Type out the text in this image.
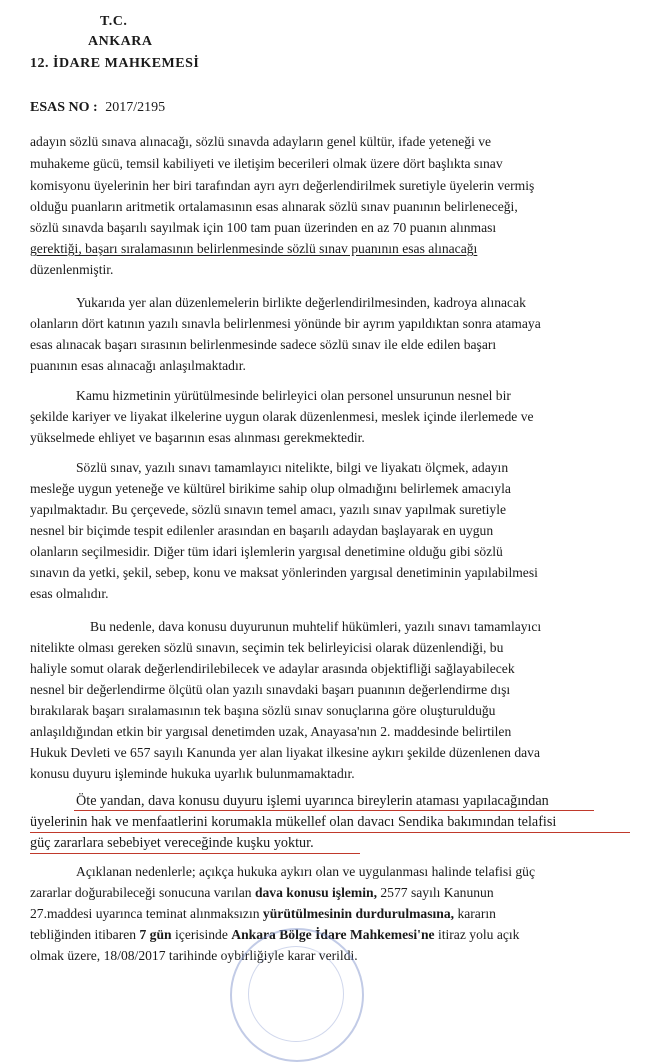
T.C.
ANKARA
12. İDARE MAHKEMESİ
ESAS NO : 2017/2195
adayın sözlü sınava alınacağı, sözlü sınavda adayların genel kültür, ifade yeteneği ve
muhakeme gücü, temsil kabiliyeti ve iletişim becerileri olmak üzere dört başlıkta sınav
komisyonu üyelerinin her biri tarafından ayrı ayrı değerlendirilmek suretiyle üyelerin vermiş
olduğu puanların aritmetik ortalamasının esas alınarak sözlü sınav puanının belirleneceği,
sözlü sınavda başarılı sayılmak için 100 tam puan üzerinden en az 70 puanın alınması
gerektiği, başarı sıralamasının belirlenmesinde sözlü sınav puanının esas alınacağı
düzenlenmiştir.
Yukarıda yer alan düzenlemelerin birlikte değerlendirilmesinden, kadroya alınacak
olanların dört katının yazılı sınavla belirlenmesi yönünde bir ayrım yapıldıktan sonra atamaya
esas alınacak başarı sırasının belirlenmesinde sadece sözlü sınav ile elde edilen başarı
puanının esas alınacağı anlaşılmaktadır.
Kamu hizmetinin yürütülmesinde belirleyici olan personel unsurunun nesnel bir
şekilde kariyer ve liyakat ilkelerine uygun olarak düzenlenmesi, meslek içinde ilerlemede ve
yükselmede ehliyet ve başarının esas alınması gerekmektedir.
Sözlü sınav, yazılı sınavı tamamlayıcı nitelikte, bilgi ve liyakatı ölçmek, adayın
mesleğe uygun yeteneğe ve kültürel birikime sahip olup olmadığını belirlemek amacıyla
yapılmaktadır. Bu çerçevede, sözlü sınavın temel amacı, yazılı sınav yapılmak suretiyle
nesnel bir biçimde tespit edilenler arasından en başarılı adaydan başlayarak en uygun
olanların seçilmesidir. Diğer tüm idari işlemlerin yargısal denetimine olduğu gibi sözlü
sınavın da yetki, şekil, sebep, konu ve maksat yönlerinden yargısal denetiminin yapılabilmesi
esas olmalıdır.
Bu nedenle, dava konusu duyurunun muhtelif hükümleri, yazılı sınavı tamamlayıcı
nitelikte olması gereken sözlü sınavın, seçimin tek belirleyicisi olarak düzenlendiği, bu
haliyle somut olarak değerlendirilebilecek ve adaylar arasında objektifliği sağlayabilecek
nesnel bir değerlendirme ölçütü olan yazılı sınavdaki başarı puanının değerlendirme dışı
bırakılarak başarı sıralamasının tek başına sözlü sınav sonuçlarına göre oluşturulduğu
anlaşıldığından etkin bir yargısal denetimden uzak, Anayasa'nın 2. maddesinde belirtilen
Hukuk Devleti ve 657 sayılı Kanunda yer alan liyakat ilkesine aykırı şekilde düzenlenen dava
konusu duyuru işleminde hukuka uyarlık bulunmamaktadır.
Öte yandan, dava konusu duyuru işlemi uyarınca bireylerin ataması yapılacağından
üyelerinin hak ve menfaatlerini korumakla mükellef olan davacı Sendika bakımından telafisi
güç zararlara sebebiyet vereceğinde kuşku yoktur.
Açıklanan nedenlerle; açıkça hukuka aykırı olan ve uygulanması halinde telafisi güç
zararlar doğurabileceği sonucuna varılan dava konusu işlemin, 2577 sayılı Kanunun
27.maddesi uyarınca teminat alınmaksızın yürütülmesinin durdurulmasına, kararın
tebliğinden itibaren 7 gün içerisinde Ankara Bölge İdare Mahkemesi'ne itiraz yolu açık
olmak üzere, 18/08/2017 tarihinde oybirliğiyle karar verildi.
